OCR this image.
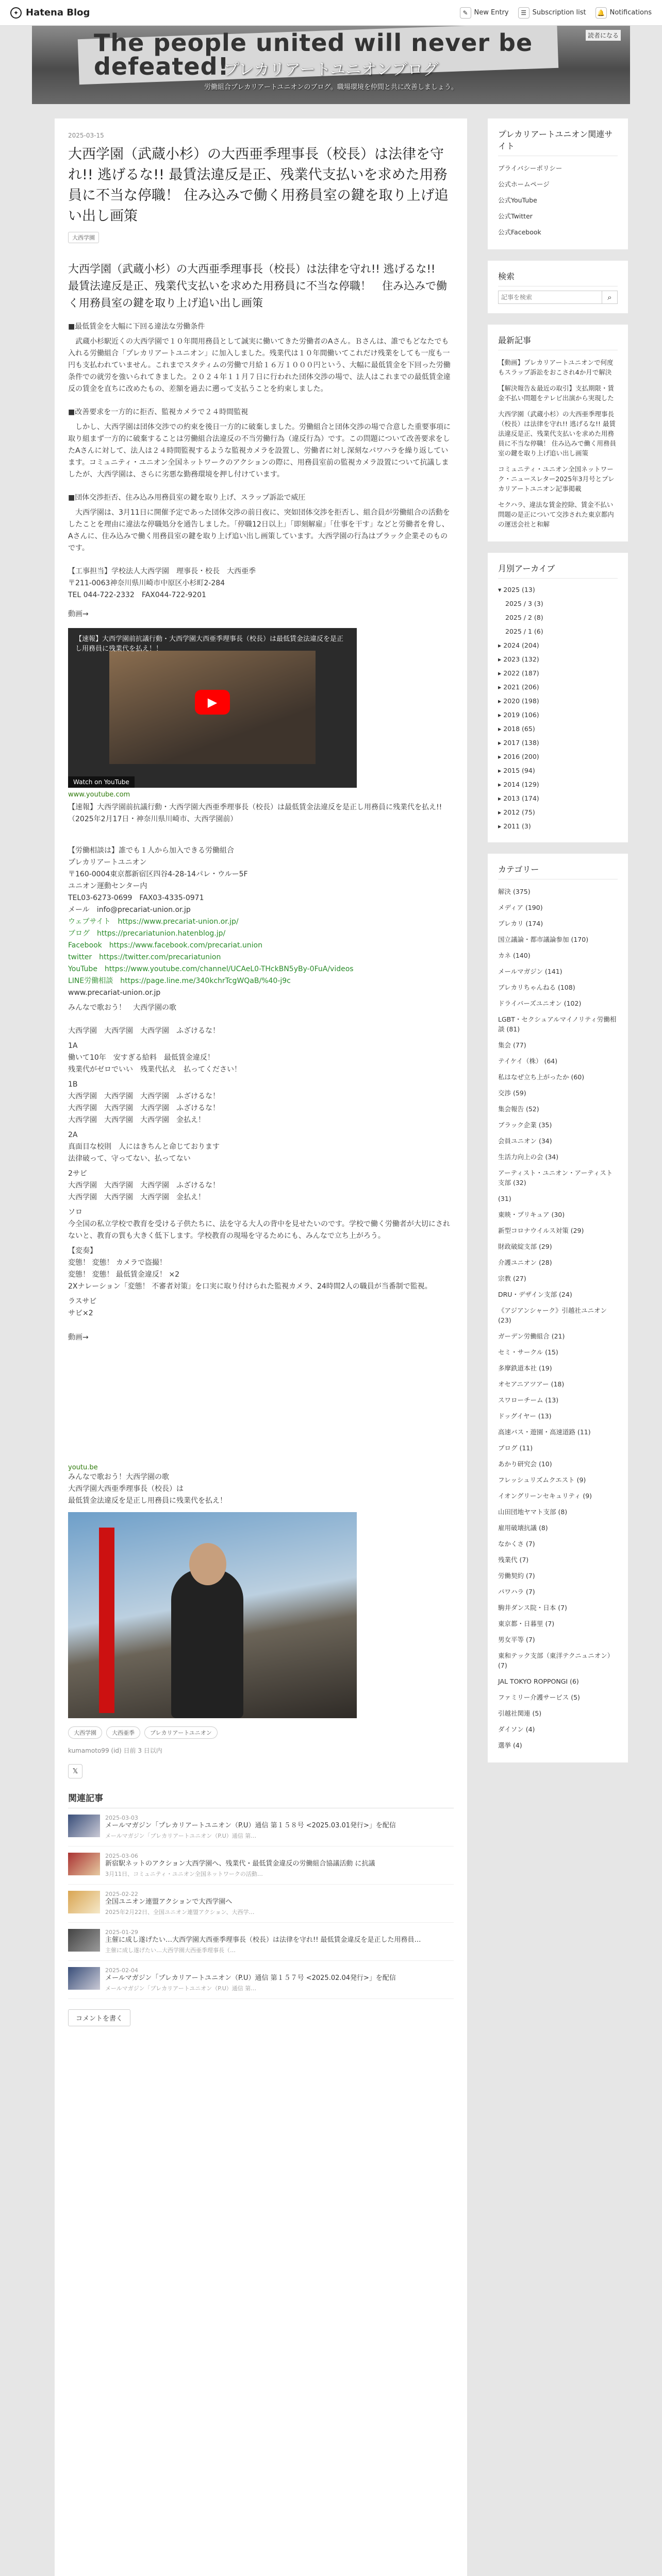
✦ Hatena Blog	✎ New Entry	☰ Subscription list 🔔 Notifications
The people united will never be defeated!
プレカリアートユニオンブログ
労働組合プレカリアートユニオンのブログ。職場環境を仲間と共に改善しましょう。
読者になる
2025-03-15
大西学園（武蔵小杉）の大西亜季理事長（校長）は法律を守れ!! 逃げるな!! 最賃法違反是正、残業代支払いを求めた用務員に不当な停職！ 住み込みで働く用務員室の鍵を取り上げ追い出し画策
大西学園
大西学園（武蔵小杉）の大西亜季理事長（校長）は法律を守れ!! 逃げるな!!　最賃法違反是正、残業代支払いを求めた用務員に不当な停職！　住み込みで働く用務員室の鍵を取り上げ追い出し画策

■最低賃金を大幅に下回る違法な労働条件

　武蔵小杉駅近くの大西学園で１０年間用務員として誠実に働いてきた労働者のAさん。Ｂさんは、誰でもどなたでも入れる労働組合「プレカリアートユニオン」に加入しました。残業代は１０年間働いてこれだけ残業をしても一度も一円も支払われていません。これまでスタティムの労働で月給１６万１０００円という、大幅に最低賃金を下回った労働条件での就労を強いられてきました。２０２４年１１月７日に行われた団体交渉の場で、法人はこれまでの最低賃金違反の賃金を直ちに改めたもの、差額を過去に遡って支払うことを約束しました。

■改善要求を一方的に拒否、監視カメラで２４時間監視

　しかし、大西学園は団体交渉での約束を後日一方的に破棄しました。労働組合と団体交渉の場で合意した重要事項に取り組まず一方的に破棄することは労働組合法違反の不当労働行為（違反行為）です。この問題について改善要求をしたAさんに対して、法人は２４時間監視するような監視カメラを設置し、労働者に対し深刻なパワハラを繰り返しています。コミュニティ・ユニオン全国ネットワークのアクションの際に、用務員室前の監視カメラ設置について抗議しましたが、大西学園は、さらに劣悪な勤務環境を押し付けています。

■団体交渉拒否、住み込み用務員室の鍵を取り上げ、スラップ訴訟で威圧

　大西学園は、3月11日に開催予定であった団体交渉の前日夜に、突如団体交渉を拒否し、組合員が労働組合の活動をしたことを理由に違法な停職処分を通告しました。「停職12日以上」「即刻解雇」「仕事を干す」などと労働者を脅し、Aさんに、住み込みで働く用務員室の鍵を取り上げ追い出し画策しています。大西学園の行為はブラック企業そのものです。

【工事担当】学校法人大西学園　理事長・校長　大西亜季

〒211-0063神奈川県川崎市中原区小杉町2-284

TEL 044-722-2332　FAX044-722-9201

動画→
【速報】大西学園前抗議行動・大西学園大西亜季理事長（校長）は最低賃金法違反を是正し用務員に残業代を払え！！
▶
Watch on YouTube
www.youtube.com

【速報】大西学園前抗議行動・大西学園大西亜季理事長（校長）は最低賃金法違反を是正し用務員に残業代を払え!! （2025年2月17日・神奈川県川崎市、大西学園前）

【労働相談は】誰でも１人から加入できる労働組合

プレカリアートユニオン

〒160-0004東京都新宿区四谷4-28-14パレ・ウルー5F

ユニオン運動センター内

TEL03-6273-0699　FAX03-4335-0971

メール　info@precariat-union.or.jp

ウェブサイト　https://www.precariat-union.or.jp/

ブログ　https://precariatunion.hatenblog.jp/

Facebook　https://www.facebook.com/precariat.union

twitter　https://twitter.com/precariatunion

YouTube　https://www.youtube.com/channel/UCAeL0-THckBN5yBy-0FuA/videos

LINE労働相談　https://page.line.me/340kchrTcgWQaB/%40-j9c

www.precariat-union.or.jp

みんなで歌おう！　大西学園の歌

大西学園　大西学園　大西学園　ふざけるな！

1A

働いて10年　安すぎる給料　最低賃金違反！

残業代がゼロでいい　残業代払え　払ってください！

1B

大西学園　大西学園　大西学園　ふざけるな！

大西学園　大西学園　大西学園　ふざけるな！

大西学園　大西学園　大西学園　金払え！

2A

真面目な校則　人にはきちんと命じております

法律破って、守ってない、払ってない

2サビ

大西学園　大西学園　大西学園　ふざけるな！

大西学園　大西学園　大西学園　金払え！

ソロ

今全国の私立学校で教育を受ける子供たちに、法を守る大人の背中を見せたいのです。学校で働く労働者が大切にされないと、教育の質も大きく低下します。学校教育の現場を守るためにも、みんなで立ち上がろう。

【変奏】

変態！ 変態！ カメラで盗撮！

変態！ 変態！ 最低賃金違反！ ×2

2Xナレーション「変態！ 不審者対策」を口実に取り付けられた監視カメラ、24時間2人の職員が当番制で監視。

ラスサビ

サビ×2

動画→
youtu.be

みんなで歌おう！大西学園の歌

大西学園大西亜季理事長（校長）は

最低賃金法違反を是正し用務員に残業代を払え！

大西学園	大西亜季	プレカリアートユニオン
kumamoto99 (id) 日前 3 日以内
𝕏
関連記事
2025-03-03
メールマガジン「プレカリアートユニオン（P.U）通信 第１５８号 <2025.03.01発行>」を配信
メールマガジン「プレカリアートユニオン（P.U）通信 第…
2025-03-06
新宿駅ネットのアクション大西学園へ、残業代・最低賃金違反の労働組合協議活動 に抗議
3月11日、コミュニティ・ユニオン全国ネットワークの活動…
2025-02-22
全国ユニオン連盟アクションで大西学園へ
2025年2月22日、全国ユニオン連盟アクション、大西学…
2025-01-29
主催に成し遂げたい…大西学園大西亜季理事長（校長）は法律を守れ!! 最低賃金違反を是正した用務員…
主催に成し遂げたい…大西学園大西亜季理事長（…
2025-02-04
メールマガジン「プレカリアートユニオン（P.U）通信 第１５７号 <2025.02.04発行>」を配信
メールマガジン「プレカリアートユニオン（P.U）通信 第…
コメントを書く
プレカリアートユニオン関連サイト
プライバシーポリシー
公式ホームページ
公式YouTube
公式Twitter
公式Facebook
検索
記事を検索
⌕
最新記事
【動画】プレカリアートユニオンで何度もスラップ訴訟をおこされ4か月で解決
【解決報告＆最近の取引】支払期限・賃金不払い問題をテレビ出演から実現した
大西学園（武蔵小杉）の大西亜季理事長（校長）は法律を守れ!! 逃げるな!! 最賃法違反是正、残業代支払いを求めた用務員に不当な停職！ 住み込みで働く用務員室の鍵を取り上げ追い出し画策
コミュニティ・ユニオン全国ネットワーク・ニュースレター2025年3月号とプレカリアートユニオン記事掲載
セクハラ、違法な賃金控除、賃金不払い問題の是正について交渉された東京都内の運送会社と和解
月別アーカイブ
▾ 2025 (13)
2025 / 3 (3)
2025 / 2 (8)
2025 / 1 (6)
▸ 2024 (204)
▸ 2023 (132)
▸ 2022 (187)
▸ 2021 (206)
▸ 2020 (198)
▸ 2019 (106)
▸ 2018 (65)
▸ 2017 (138)
▸ 2016 (200)
▸ 2015 (94)
▸ 2014 (129)
▸ 2013 (174)
▸ 2012 (75)
▸ 2011 (3)
カテゴリー
解決 (375)
メディア (190)
プレカリ (174)
国立議論・都市議論参加 (170)
カネ (140)
メールマガジン (141)
ブレカリちゃんねる (108)
ドライバーズユニオン (102)
LGBT・セクシュアルマイノリティ労働相談 (81)
集会 (77)
テイケイ（株） (64)
私はなぜ立ち上がったか (60)
交渉 (59)
集会報告 (52)
ブラック企業 (35)
会員ユニオン (34)
生活力向上の会 (34)
アーティスト・ユニオン・アーティスト支部 (32)
(31)
東映・プリキュア (30)
新型コロナウイルス対策 (29)
財政破綻支部 (29)
介護ユニオン (28)
宗教 (27)
DRU・デザイン支部 (24)
《アジアンシャーク》引越社ユニオン (23)
ガーデン労働組合 (21)
セミ・サークル (15)
多摩鉄道本社 (19)
オセアニアツアー (18)
スワローチーム (13)
ドッグイヤー (13)
高速バス・遊園・高速道路 (11)
ブログ (11)
あかり研究会 (10)
フレッシュリズムクエスト (9)
イオングリーンセキュリティ (9)
山田団地ヤマト支部 (8)
雇用破壊抗議 (8)
なかくさ (7)
残業代 (7)
労働契約 (7)
パワハラ (7)
駒井ダンス院・日本 (7)
東京都・日暮里 (7)
男女平等 (7)
東和テック支部（東洋テクニュニオン） (7)
JAL TOKYO ROPPONGI (6)
ファミリー介護サービス (5)
引越社関連 (5)
ダイソン (4)
選挙 (4)
